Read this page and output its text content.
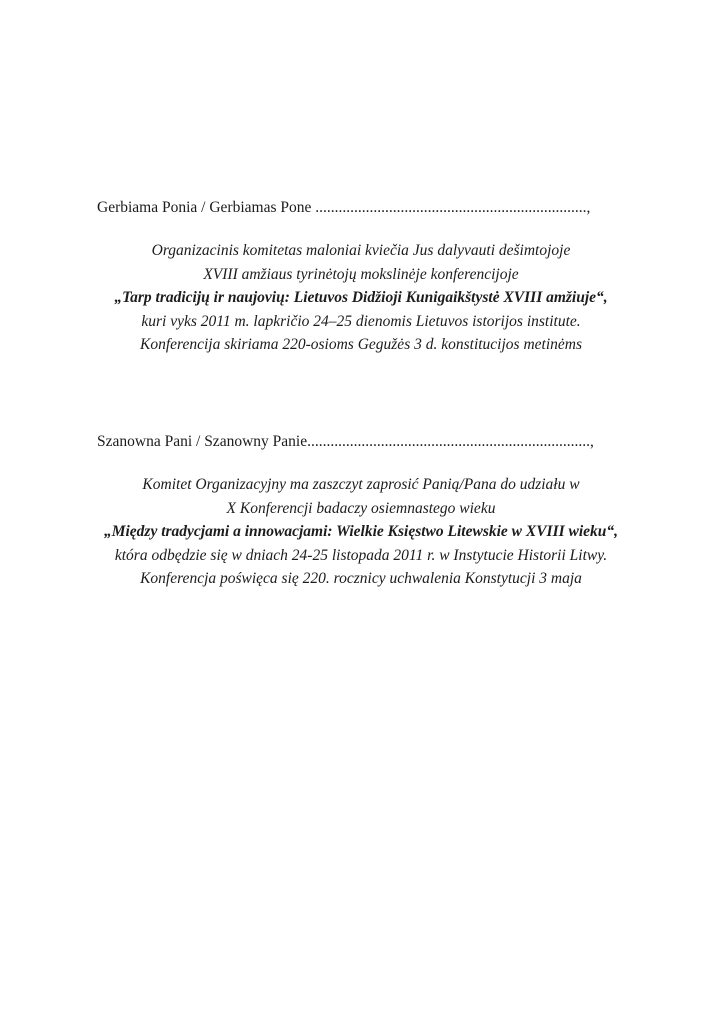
Gerbiama Ponia / Gerbiamas Pone ......................................................................,
Organizacinis komitetas maloniai kviečia Jus dalyvauti dešimtojoje
XVIII amžiaus tyrinėtojų mokslinėje konferencijoje
„Tarp tradicijų ir naujovių: Lietuvos Didžioji Kunigaikštystė XVIII amžiuje“,
kuri vyks 2011 m. lapkričio 24–25 dienomis Lietuvos istorijos institute.
Konferencija skiriama 220-osioms Gegužės 3 d. konstitucijos metinėms
Szanowna Pani / Szanowny Panie.........................................................................,
Komitet Organizacyjny ma zaszczyt zaprosić Panią/Pana do udziału w
X Konferencji badaczy osiemnastego wieku
„Między tradycjami a innowacjami: Wielkie Księstwo Litewskie w XVIII wieku“,
która odbędzie się w dniach 24-25 listopada 2011 r. w Instytucie Historii Litwy.
Konferencja poświęca się 220. rocznicy uchwalenia Konstytucji 3 maja
